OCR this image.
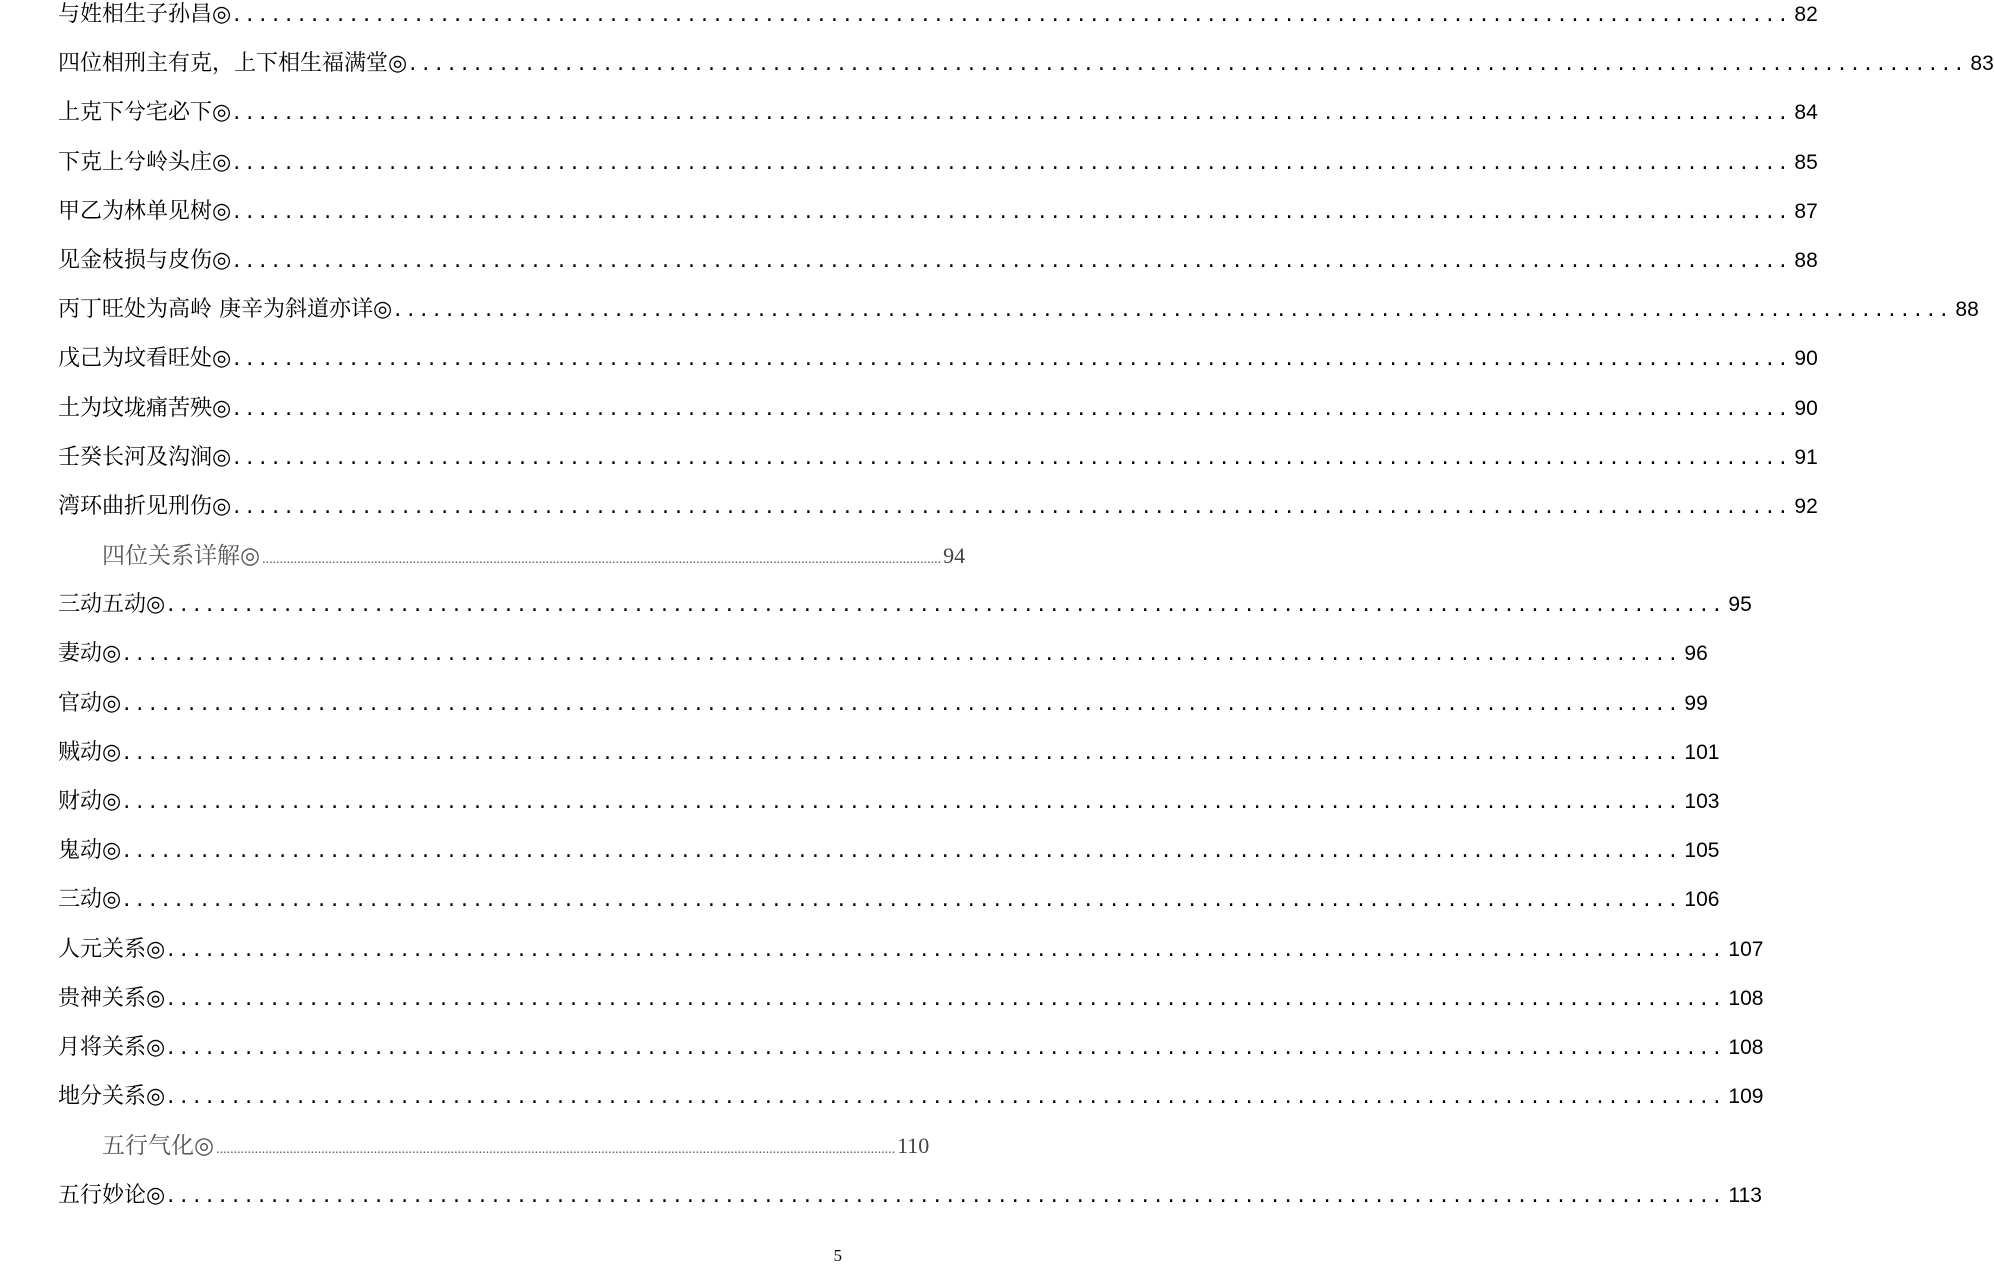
与姓相生子孙昌◎ ........................................................................................................................ 82
四位相刑主有克，上下相生福满堂◎ ........................................................................................................................ 83
上克下兮宅必下◎ ........................................................................................................................ 84
下克上兮岭头庄◎ ........................................................................................................................ 85
甲乙为林单见树◎ ........................................................................................................................ 87
见金枝损与皮伤◎ ........................................................................................................................ 88
丙丁旺处为高岭 庚辛为斜道亦详◎ ........................................................................................................................ 88
戊己为坟看旺处◎ ........................................................................................................................ 90
土为坟垅痛苦殃◎ ........................................................................................................................ 90
壬癸长河及沟涧◎ ........................................................................................................................ 91
湾环曲折见刑伤◎ ........................................................................................................................ 92
四位关系详解◎ .................................................................................................................................................................................................. 94
三动五动◎ ........................................................................................................................ 95
妻动◎ ........................................................................................................................ 96
官动◎ ........................................................................................................................ 99
贼动◎ ........................................................................................................................ 101
财动◎ ........................................................................................................................ 103
鬼动◎ ........................................................................................................................ 105
三动◎ ........................................................................................................................ 106
人元关系◎ ........................................................................................................................ 107
贵神关系◎ ........................................................................................................................ 108
月将关系◎ ........................................................................................................................ 108
地分关系◎ ........................................................................................................................ 109
五行气化◎ .................................................................................................................................................................................................. 110
五行妙论◎ ........................................................................................................................ 113
5
